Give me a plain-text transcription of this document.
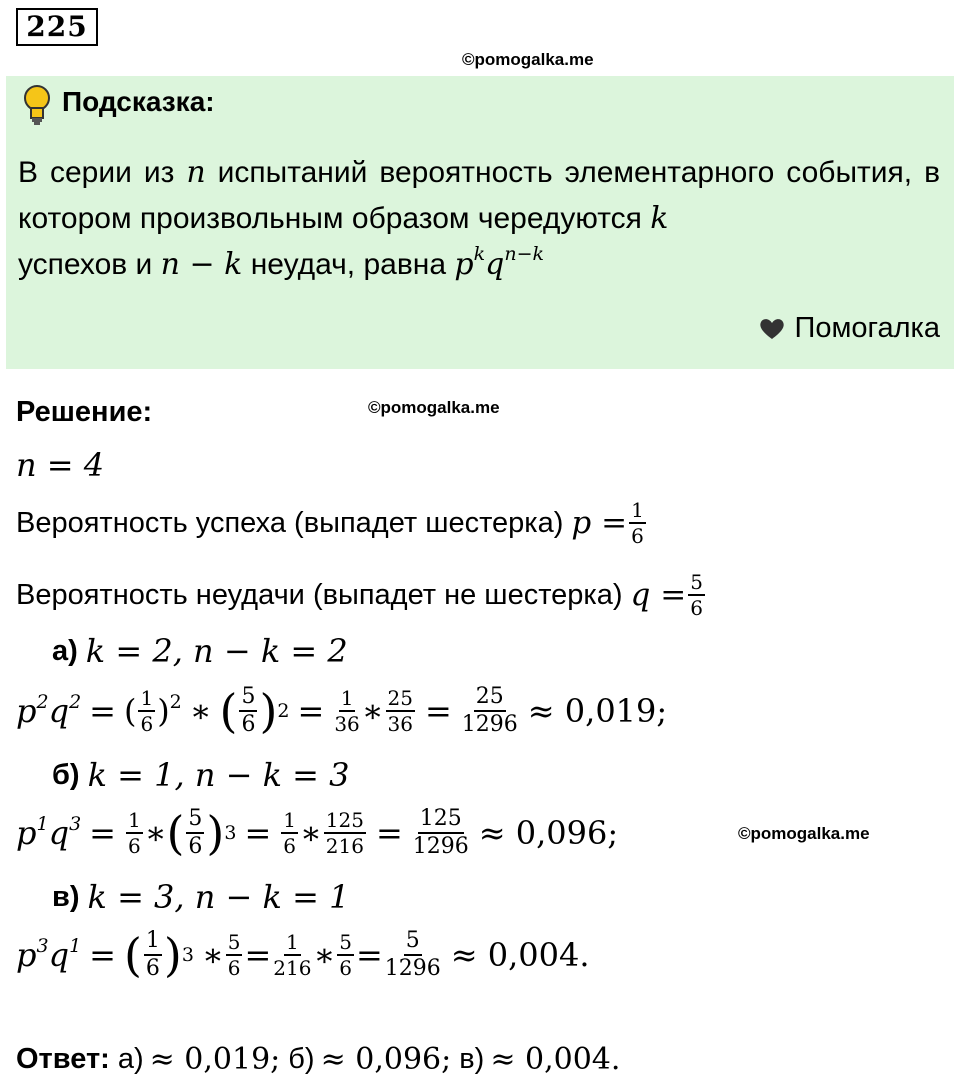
225
©pomogalka.me
Подсказка:
В серии из n испытаний вероятность элементарного события, в котором произвольным образом чередуются k
успехов и n − k неудач, равна $p^kq^{n-k}$
Помогалка
Решение:	©pomogalka.me
n = 4
Вероятность успеха (выпадет шестерка) $p = \frac{1}{6}$
Вероятность неудачи (выпадет не шестерка) $q = \frac{5}{6}$
а) k = 2, n − k = 2
$p^2q^2$ = ( $\frac{1}{6} )^2$ ∗ ( $\frac{5}{6}$ ) $2 = \frac{1}{36}$ ∗ $\frac{25}{36} = \frac{25}{1296} \approx 0,019$;
б) k = 1, n − k = 3
$p^1q^3 = \frac{1}{6}$ ∗ ( $\frac{5}{6}$ ) $3 = \frac{1}{6}$ ∗ $\frac{125}{216} = \frac{125}{1296} \approx 0,096$;	©pomogalka.me
в) k = 3, n − k = 1
$p^3q^1$ = ( $\frac{1}{6}$ ) 3 ∗ $\frac{5}{6} = \frac{1}{216}$ ∗ $\frac{5}{6} = \frac{5}{1296} \approx 0,004$.
Ответ: а) ≈ 0,019; б) ≈ 0,096; в) ≈ 0,004.
